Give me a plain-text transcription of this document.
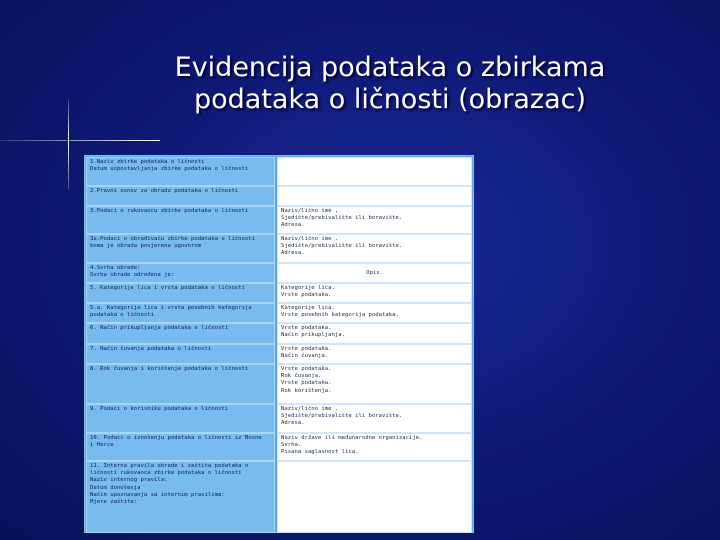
Evidencija podataka o zbirkama
podataka o ličnosti (obrazac)
1.Naziv zbirke podataka o ličnosti
Datum uspostavljanja zbirke podataka o ličnosti
2.Pravni osnov za obradu podataka o ličnosti
3.Podaci o rukovaocu zbirke podataka o ličnosti
3a.Podaci o obrađivaču zbirke podataka o ličnosti
koma je obrada povjerena ugovorom
4.Svrha obrade:
Svrha obrade određena je:
5. Kategorije lica i vrsta podataka o ličnosti
5.a. Kategorije lica i vrsta posebnih kategorija
podataka o ličnosti
6. Način prikupljanja podataka o ličnosti
7. Način čuvanja podataka o ličnosti
8. Rok čuvanja i korištenja podataka o ličnosti
9. Podaci o korisniku podataka o ličnosti
10. Podaci o iznošenju podataka o ličnosti iz Bosne
i Herce
11. Interna pravila obrade i zaštita podataka o
ličnosti rukovaoca zbirke podataka o ličnosti
Naziv internog pravila:
Datum donošenja
Način upoznavanja sa internim pravilima:
Mjere zaštite:
Naziv/lično ime ,
Sjedište/prebivalište ili boravište.
Adresa.
Naziv/lično ime .
Sjedište/prebivalište ili boravište.
Adresa.
Opis.
Kategorije lica.
Vrste podataka.
Kategorije lica.
Vrste posebnih kategorija podataka.
Vrste podataka.
Način prikupljanja.
Vrste podataka.
Način čuvanja.
Vrste podataka.
Rok čuvanja.
Vrste podataka.
Rok korištenja.
Naziv/lično ime .
Sjedište/prebivalište ili boravište.
Adresa.
Naziv države ili međunarodne organizacije.
Svrha.
Pisana saglasnost lica.
